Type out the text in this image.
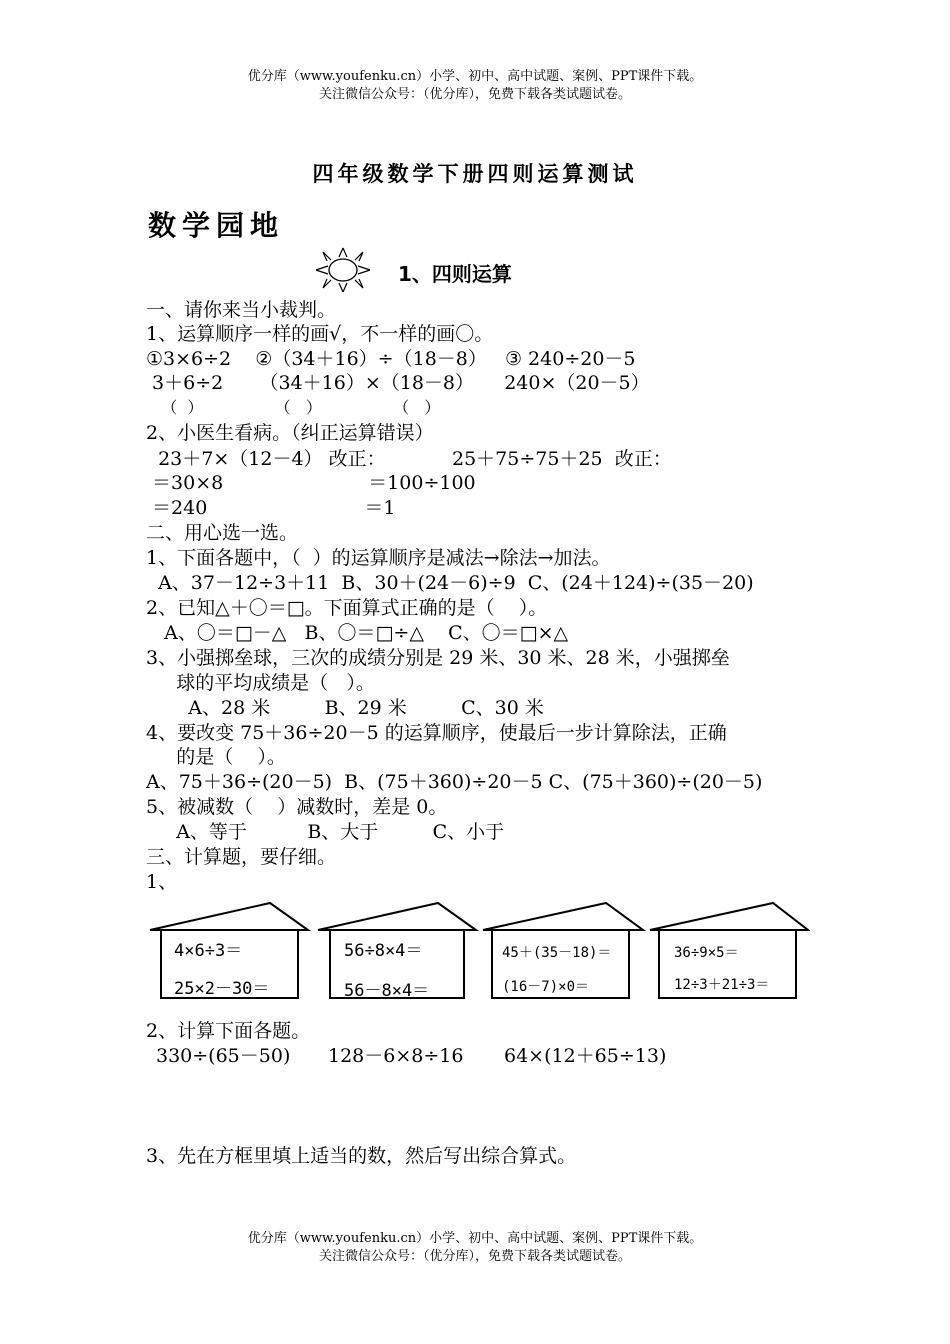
优分库（www.youfenku.cn）小学、初中、高中试题、案例、PPT课件下载。
关注微信公众号：（优分库），免费下载各类试题试卷。
四年级数学下册四则运算测试
数学园地
1、四则运算
一、请你来当小裁判。
1、运算顺序一样的画√，不一样的画〇。
①3×6÷2    ②（34＋16）÷（18－8）   ③ 240÷20－5
3＋6÷2      （34＋16）×（18－8）     240×（20－5）
（  ）              （   ）              （   ）
2、小医生看病。（纠正运算错误）
23＋7×（12－4） 改正：           25＋75÷75＋25  改正：
＝30×8                        ＝100÷100
＝240                          ＝1
二、用心选一选。
1、下面各题中，（  ）的运算顺序是减法→除法→加法。
A、37－12÷3＋11  B、30＋(24－6)÷9  C、(24＋124)÷(35－20)
2、已知△＋〇＝□。下面算式正确的是（    ）。
A、〇＝□－△   B、〇＝□÷△    C、〇＝□×△
3、小强掷垒球，三次的成绩分别是 29 米、30 米、28 米，小强掷垒
球的平均成绩是（   ）。
A、28 米         B、29 米         C、30 米
4、要改变 75＋36÷20－5 的运算顺序，使最后一步计算除法，正确
的是（    ）。
A、75＋36÷(20－5)  B、(75＋360)÷20－5 C、(75＋360)÷(20－5)
5、被减数（    ）减数时，差是 0。
A、等于          B、大于         C、小于
三、计算题，要仔细。
1、
4×6÷3＝
25×2－30＝
56÷8×4＝
56－8×4＝
45＋(35－18)＝
(16－7)×0＝
36÷9×5＝
12÷3＋21÷3＝
2、计算下面各题。
330÷(65－50) 128－6×8÷16 64×(12＋65÷13)
3、先在方框里填上适当的数，然后写出综合算式。
优分库（www.youfenku.cn）小学、初中、高中试题、案例、PPT课件下载。
关注微信公众号：（优分库），免费下载各类试题试卷。
